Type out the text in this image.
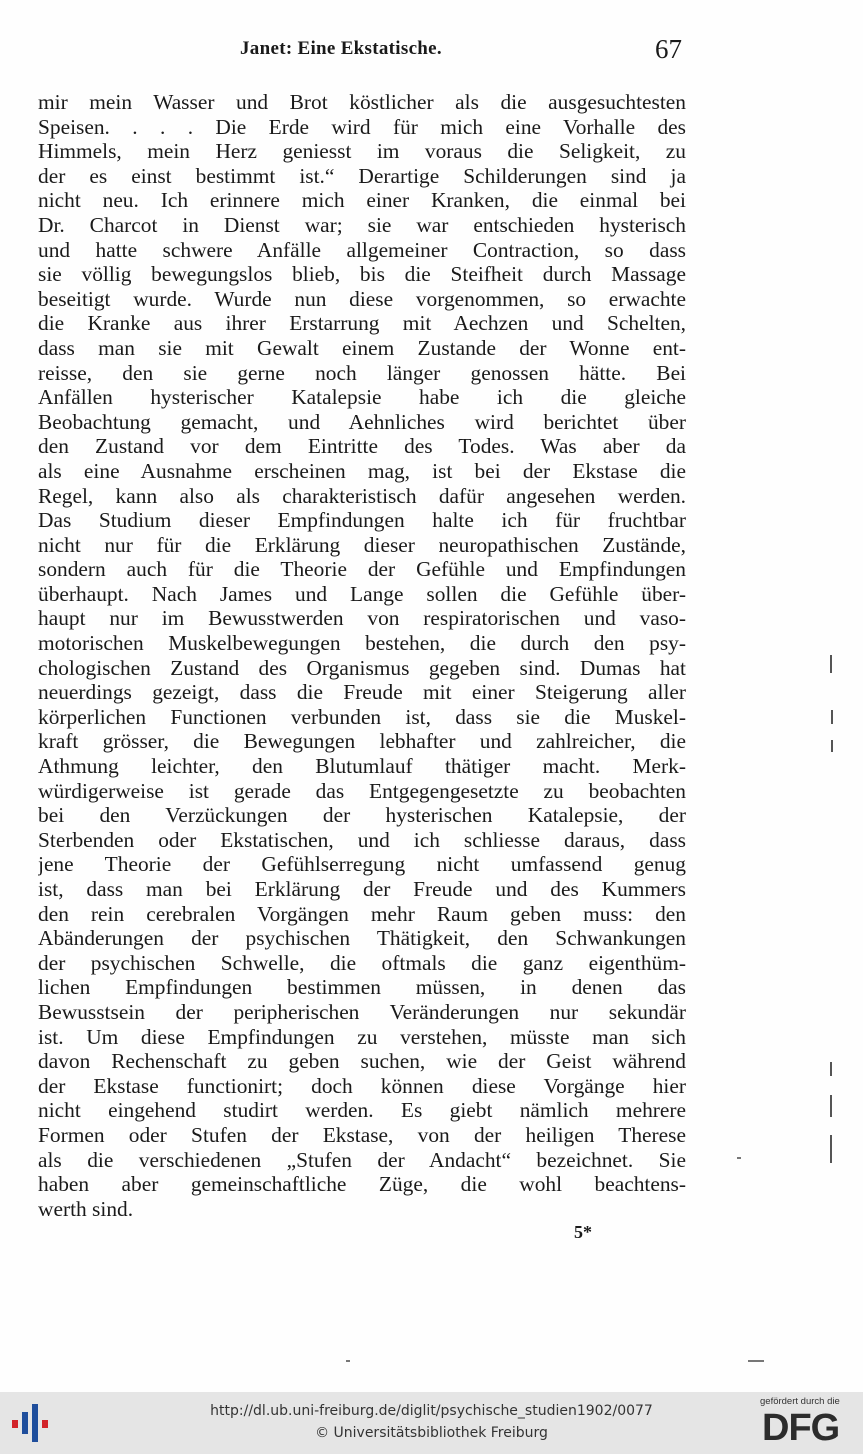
Janet: Eine Ekstatische.	67
mir mein Wasser und Brot köstlicher als die ausgesuchtesten
Speisen. . . . Die Erde wird für mich eine Vorhalle des
Himmels, mein Herz geniesst im voraus die Seligkeit, zu
der es einst bestimmt ist.“ Derartige Schilderungen sind ja
nicht neu. Ich erinnere mich einer Kranken, die einmal bei
Dr. Charcot in Dienst war; sie war entschieden hysterisch
und hatte schwere Anfälle allgemeiner Contraction, so dass
sie völlig bewegungslos blieb, bis die Steifheit durch Massage
beseitigt wurde. Wurde nun diese vorgenommen, so erwachte
die Kranke aus ihrer Erstarrung mit Aechzen und Schelten,
dass man sie mit Gewalt einem Zustande der Wonne ent-
reisse, den sie gerne noch länger genossen hätte. Bei
Anfällen hysterischer Katalepsie habe ich die gleiche
Beobachtung gemacht, und Aehnliches wird berichtet über
den Zustand vor dem Eintritte des Todes. Was aber da
als eine Ausnahme erscheinen mag, ist bei der Ekstase die
Regel, kann also als charakteristisch dafür angesehen werden.
Das Studium dieser Empfindungen halte ich für fruchtbar
nicht nur für die Erklärung dieser neuropathischen Zustände,
sondern auch für die Theorie der Gefühle und Empfindungen
überhaupt. Nach James und Lange sollen die Gefühle über-
haupt nur im Bewusstwerden von respiratorischen und vaso-
motorischen Muskelbewegungen bestehen, die durch den psy-
chologischen Zustand des Organismus gegeben sind. Dumas hat
neuerdings gezeigt, dass die Freude mit einer Steigerung aller
körperlichen Functionen verbunden ist, dass sie die Muskel-
kraft grösser, die Bewegungen lebhafter und zahlreicher, die
Athmung leichter, den Blutumlauf thätiger macht. Merk-
würdigerweise ist gerade das Entgegengesetzte zu beobachten
bei den Verzückungen der hysterischen Katalepsie, der
Sterbenden oder Ekstatischen, und ich schliesse daraus, dass
jene Theorie der Gefühlserregung nicht umfassend genug
ist, dass man bei Erklärung der Freude und des Kummers
den rein cerebralen Vorgängen mehr Raum geben muss: den
Abänderungen der psychischen Thätigkeit, den Schwankungen
der psychischen Schwelle, die oftmals die ganz eigenthüm-
lichen Empfindungen bestimmen müssen, in denen das
Bewusstsein der peripherischen Veränderungen nur sekundär
ist. Um diese Empfindungen zu verstehen, müsste man sich
davon Rechenschaft zu geben suchen, wie der Geist während
der Ekstase functionirt; doch können diese Vorgänge hier
nicht eingehend studirt werden. Es giebt nämlich mehrere
Formen oder Stufen der Ekstase, von der heiligen Therese
als die verschiedenen „Stufen der Andacht“ bezeichnet. Sie
haben aber gemeinschaftliche Züge, die wohl beachtens-
werth sind.
5*
http://dl.ub.uni-freiburg.de/diglit/psychische_studien1902/0077
© Universitätsbibliothek Freiburg
gefördert durch die
DFG
